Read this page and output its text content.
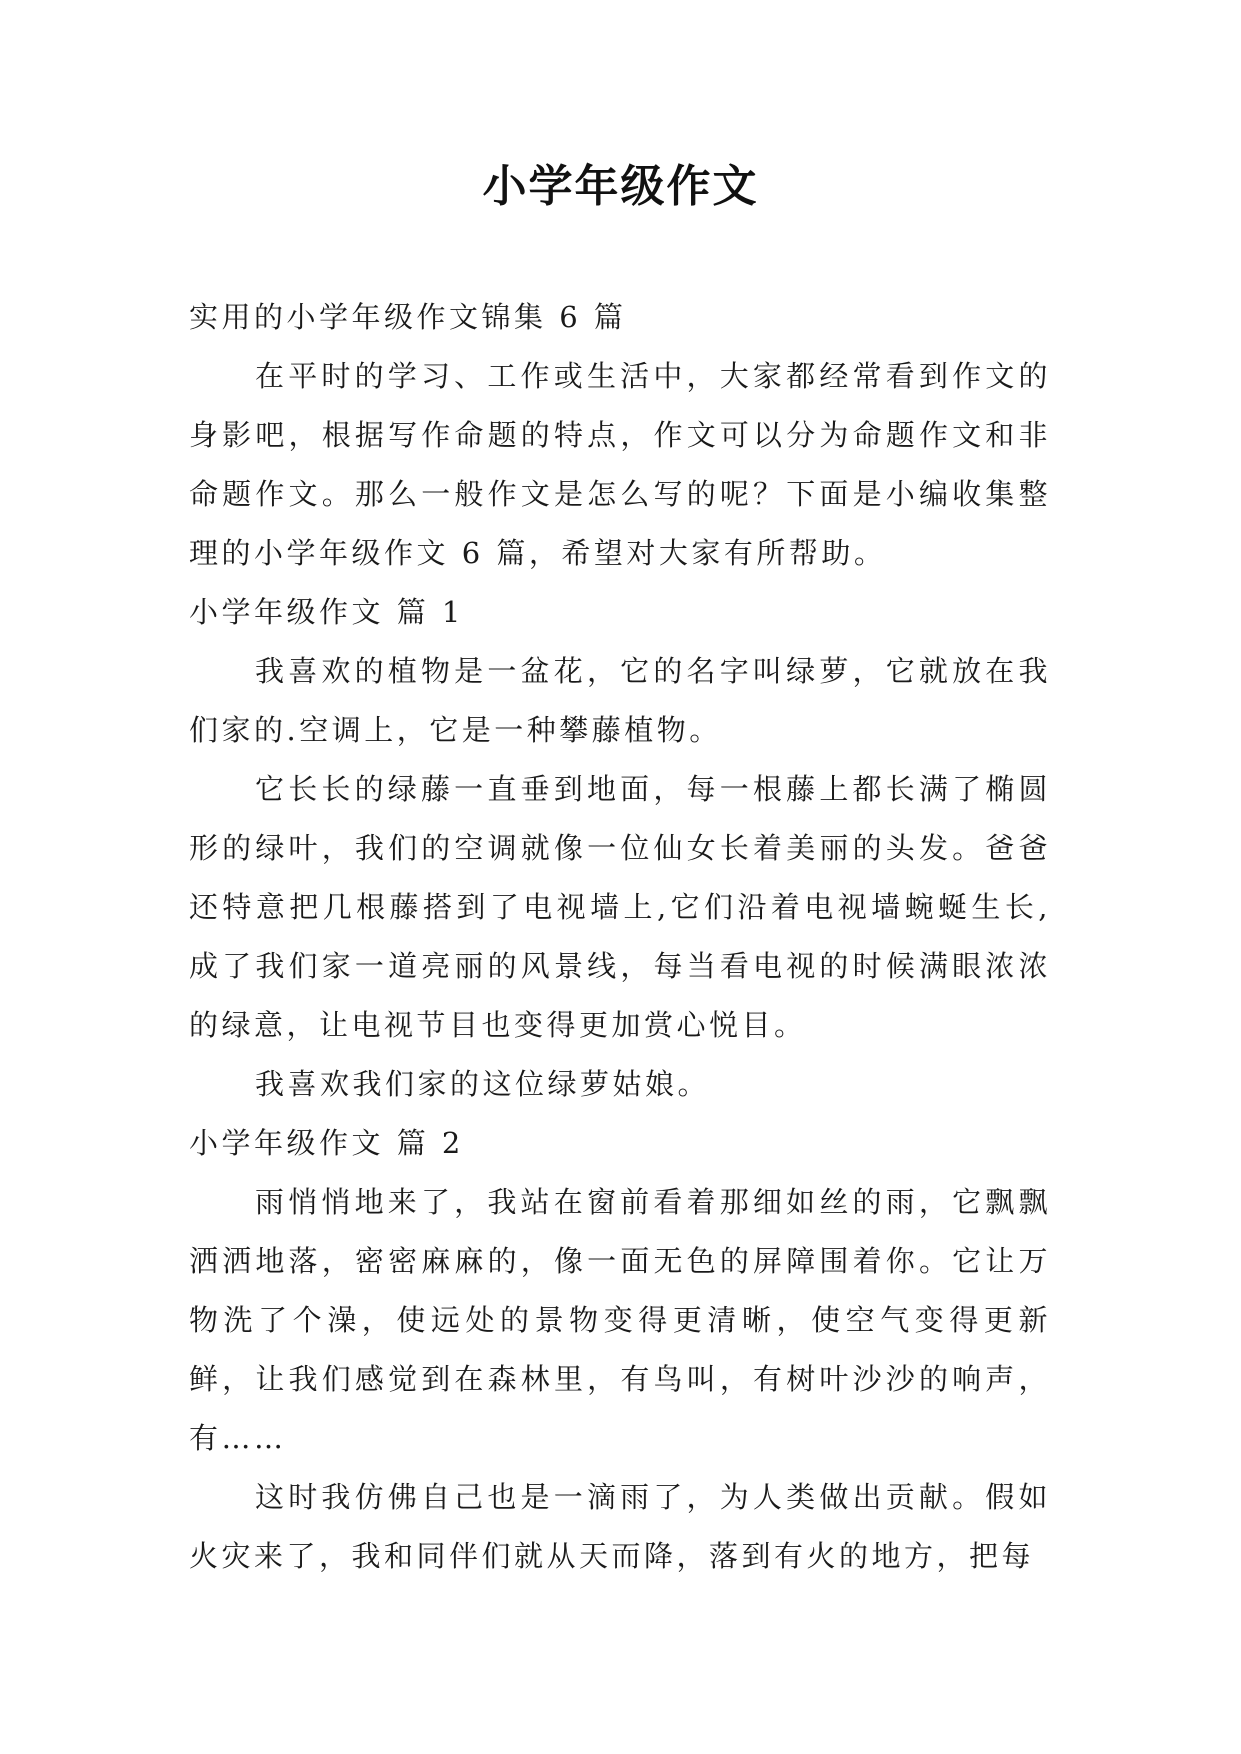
小学年级作文

实用的小学年级作文锦集 6 篇

在平时的学习、工作或生活中，大家都经常看到作文的身影吧，根据写作命题的特点，作文可以分为命题作文和非命题作文。那么一般作文是怎么写的呢？下面是小编收集整理的小学年级作文 6 篇，希望对大家有所帮助。

小学年级作文 篇 1

我喜欢的植物是一盆花，它的名字叫绿萝，它就放在我们家的.空调上，它是一种攀藤植物。

它长长的绿藤一直垂到地面，每一根藤上都长满了椭圆形的绿叶，我们的空调就像一位仙女长着美丽的头发。爸爸还特意把几根藤搭到了电视墙上,它们沿着电视墙蜿蜒生长,成了我们家一道亮丽的风景线，每当看电视的时候满眼浓浓的绿意，让电视节目也变得更加赏心悦目。

我喜欢我们家的这位绿萝姑娘。

小学年级作文 篇 2

雨悄悄地来了，我站在窗前看着那细如丝的雨，它飘飘洒洒地落，密密麻麻的，像一面无色的屏障围着你。它让万物洗了个澡，使远处的景物变得更清晰，使空气变得更新鲜，让我们感觉到在森林里，有鸟叫，有树叶沙沙的响声，有……

这时我仿佛自己也是一滴雨了，为人类做出贡献。假如火灾来了，我和同伴们就从天而降，落到有火的地方，把每
